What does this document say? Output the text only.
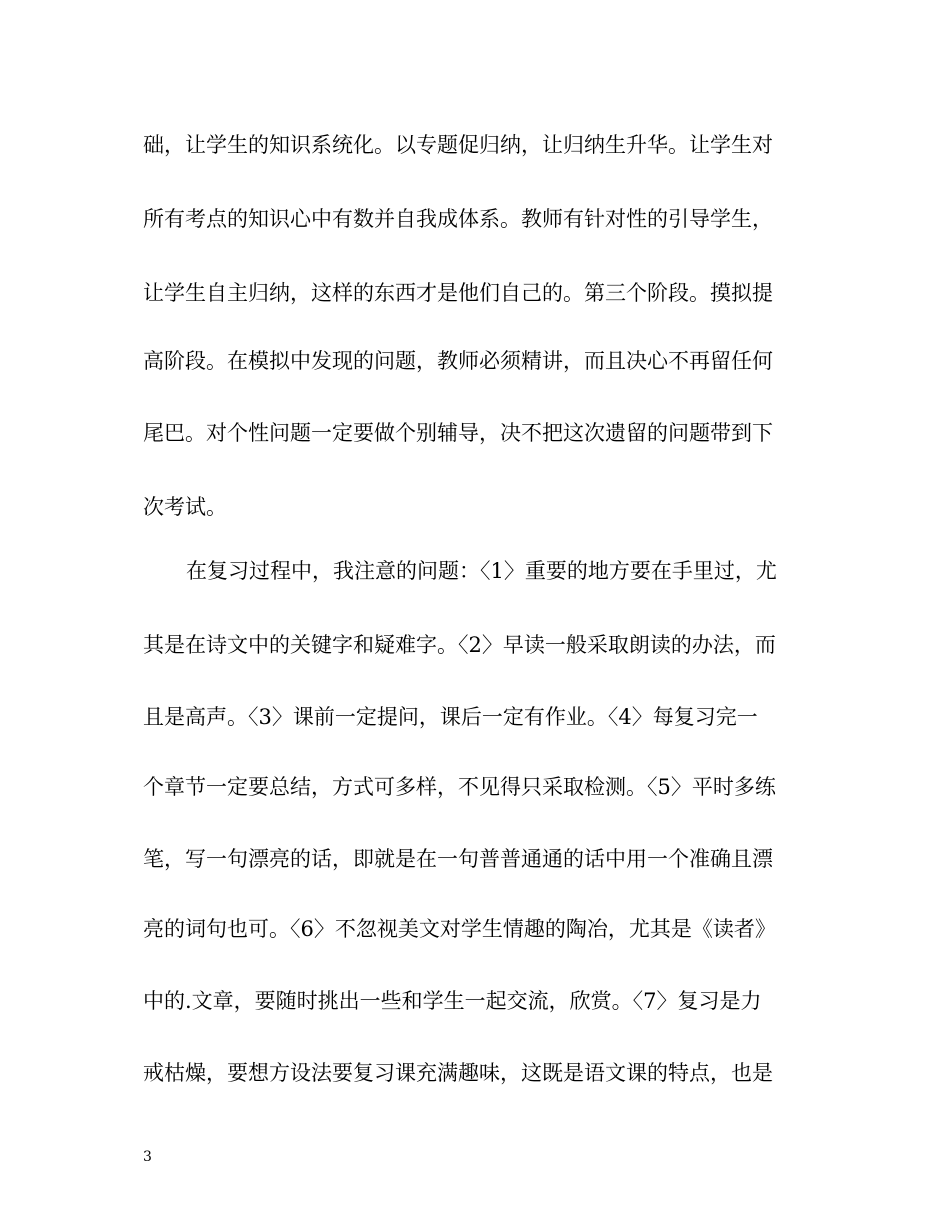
础，让学生的知识系统化。以专题促归纳，让归纳生升华。让学生对
所有考点的知识心中有数并自我成体系。教师有针对性的引导学生，
让学生自主归纳，这样的东西才是他们自己的。第三个阶段。摸拟提
高阶段。在模拟中发现的问题，教师必须精讲，而且决心不再留任何
尾巴。对个性问题一定要做个别辅导，决不把这次遗留的问题带到下
次考试。
在复习过程中，我注意的问题：〈1〉重要的地方要在手里过，尤
其是在诗文中的关键字和疑难字。〈2〉早读一般采取朗读的办法，而
且是高声。〈3〉课前一定提问，课后一定有作业。〈4〉每复习完一
个章节一定要总结，方式可多样，不见得只采取检测。〈5〉平时多练
笔，写一句漂亮的话，即就是在一句普普通通的话中用一个准确且漂
亮的词句也可。〈6〉不忽视美文对学生情趣的陶冶，尤其是《读者》
中的.文章，要随时挑出一些和学生一起交流，欣赏。〈7〉复习是力
戒枯燥，要想方设法要复习课充满趣味，这既是语文课的特点，也是
3
